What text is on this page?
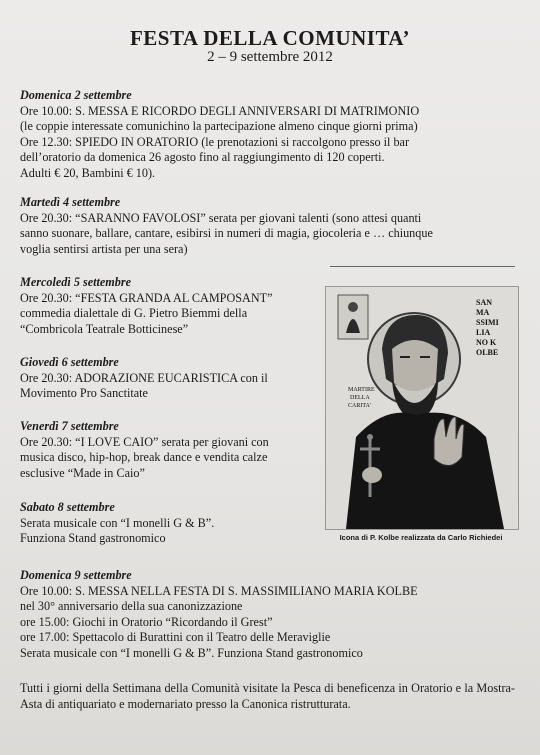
FESTA DELLA COMUNITA’
2 – 9 settembre 2012
Domenica 2 settembre
Ore 10.00: S. MESSA E RICORDO DEGLI ANNIVERSARI DI MATRIMONIO
(le coppie interessate comunichino la partecipazione almeno cinque giorni prima)
Ore 12.30: SPIEDO IN ORATORIO (le prenotazioni si raccolgono presso il bar
dell’oratorio da domenica 26 agosto fino al raggiungimento di 120 coperti.
Adulti € 20, Bambini € 10).
Martedì 4 settembre
Ore 20.30: “SARANNO FAVOLOSI” serata per giovani talenti (sono attesi quanti
sanno suonare, ballare, cantare, esibirsi in numeri di magia, giocoleria e … chiunque
voglia sentirsi artista per una sera)
Mercoledì 5 settembre
Ore 20.30: “FESTA GRANDA AL CAMPOSANT”
commedia dialettale di G. Pietro Biemmi della
“Combricola Teatrale Botticinese”
Giovedì 6 settembre
Ore 20.30: ADORAZIONE EUCARISTICA con il
Movimento Pro Sanctitate
Venerdì 7 settembre
Ore 20.30: “I LOVE CAIO” serata per giovani con
musica disco, hip-hop, break dance e vendita calze
esclusive “Made in Caio”
Sabato 8 settembre
Serata musicale con “I monelli G & B”.
Funziona Stand gastronomico
Domenica 9 settembre
Ore 10.00: S. MESSA NELLA FESTA DI S. MASSIMILIANO MARIA KOLBE
nel 30° anniversario della sua canonizzazione
ore 15.00: Giochi in Oratorio “Ricordando il Grest”
ore 17.00: Spettacolo di Burattini con il Teatro delle Meraviglie
Serata musicale con “I monelli G & B”. Funziona Stand gastronomico
SAN
MA
SSIMI
LIA
NO K
OLBE
MARTIRE
DELLA
CARITA'
Icona di P. Kolbe realizzata da Carlo Richiedei
Tutti i giorni della Settimana della Comunità visitate la Pesca di beneficenza in Oratorio e la Mostra-Asta di antiquariato e modernariato presso la Canonica ristrutturata.
